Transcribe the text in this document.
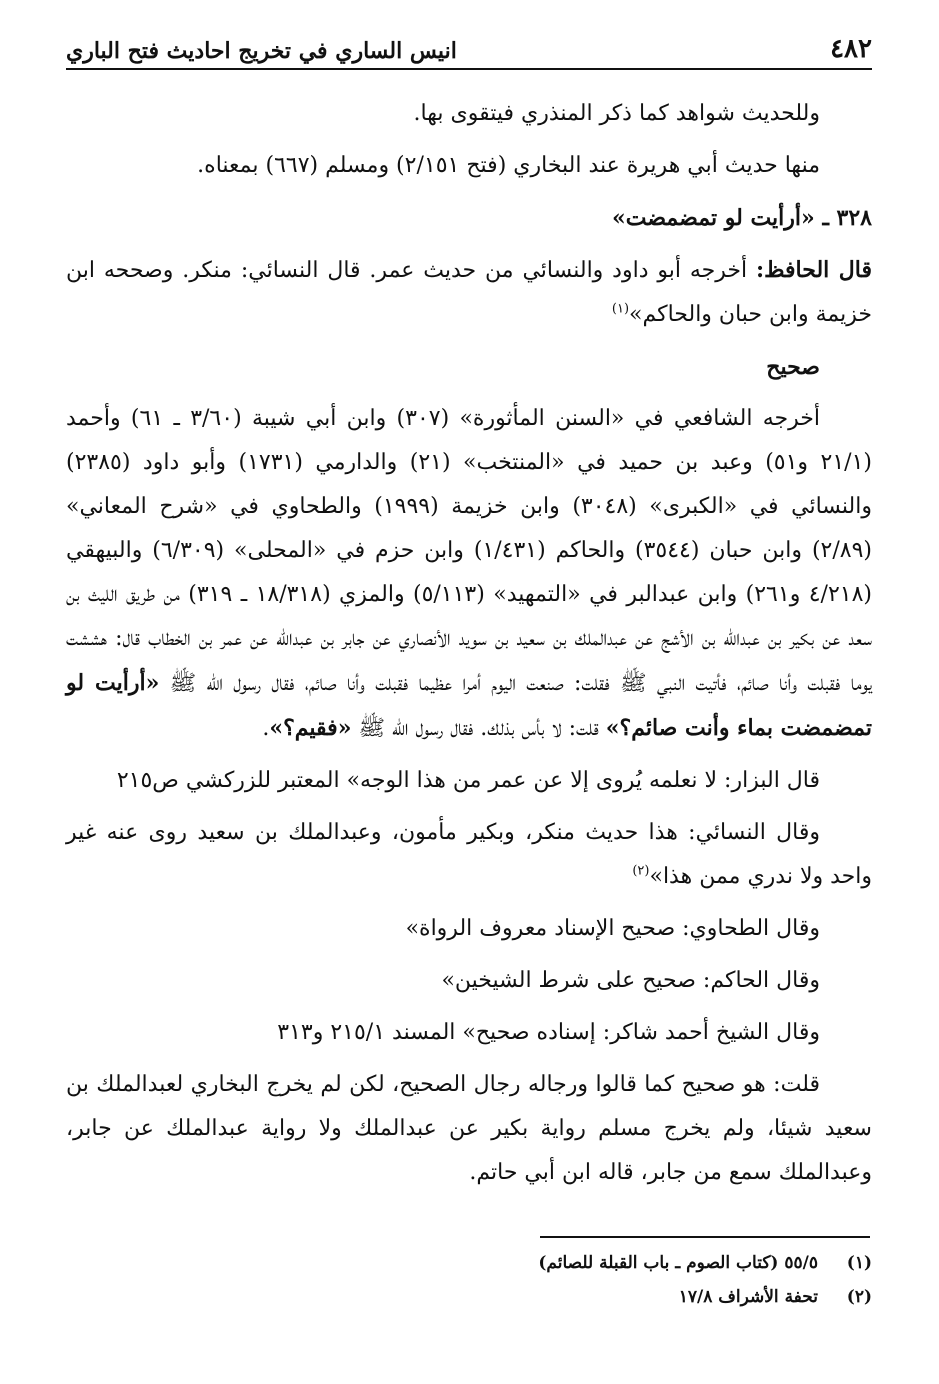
٤٨٢
انيس الساري في تخريج احاديث فتح الباري

وللحديث شواهد كما ذكر المنذري فيتقوى بها.

منها حديث أبي هريرة عند البخاري (فتح ٢/١٥١) ومسلم (٦٦٧) بمعناه.

٣٢٨ ـ «أرأيت لو تمضمضت»

قال الحافظ: أخرجه أبو داود والنسائي من حديث عمر. قال النسائي: منكر. وصححه ابن خزيمة وابن حبان والحاكم»$^{(١)}$

صحيح

أخرجه الشافعي في «السنن المأثورة» (٣٠٧) وابن أبي شيبة (٣/٦٠ ـ ٦١) وأحمد (٢١/١ و٥١) وعبد بن حميد في «المنتخب» (٢١) والدارمي (١٧٣١) وأبو داود (٢٣٨٥) والنسائي في «الكبرى» (٣٠٤٨) وابن خزيمة (١٩٩٩) والطحاوي في «شرح المعاني» (٢/٨٩) وابن حبان (٣٥٤٤) والحاكم (١/٤٣١) وابن حزم في «المحلى» (٦/٣٠٩) والبيهقي (٤/٢١٨ و٢٦١) وابن عبدالبر في «التمهيد» (٥/١١٣) والمزي (١٨/٣١٨ ـ ٣١٩) من طريق الليث بن سعد عن بكير بن عبدالله بن الأشج عن عبدالملك بن سعيد بن سويد الأنصاري عن جابر بن عبدالله عن عمر بن الخطاب قال: هششت يوما فقبلت وأنا صائم، فأتيت النبي ﷺ فقلت: صنعت اليوم أمرا عظيما فقبلت وأنا صائم، فقال رسول الله ﷺ «أرأيت لو تمضمضت بماء وأنت صائم؟» قلت: لا بأس بذلك. فقال رسول الله ﷺ «فقيم؟».

قال البزار: لا نعلمه يُروى إلا عن عمر من هذا الوجه» المعتبر للزركشي ص٢١٥

وقال النسائي: هذا حديث منكر، وبكير مأمون، وعبدالملك بن سعيد روى عنه غير واحد ولا ندري ممن هذا»$^{(٢)}$

وقال الطحاوي: صحيح الإسناد معروف الرواة»

وقال الحاكم: صحيح على شرط الشيخين»

وقال الشيخ أحمد شاكر: إسناده صحيح» المسند ٢١٥/١ و٣١٣

قلت: هو صحيح كما قالوا ورجاله رجال الصحيح، لكن لم يخرج البخاري لعبدالملك بن سعيد شيئا، ولم يخرج مسلم رواية بكير عن عبدالملك ولا رواية عبدالملك عن جابر، وعبدالملك سمع من جابر، قاله ابن أبي حاتم.

(١)
٥٥/٥ (كتاب الصوم ـ باب القبلة للصائم)
(٢)
تحفة الأشراف ١٧/٨
